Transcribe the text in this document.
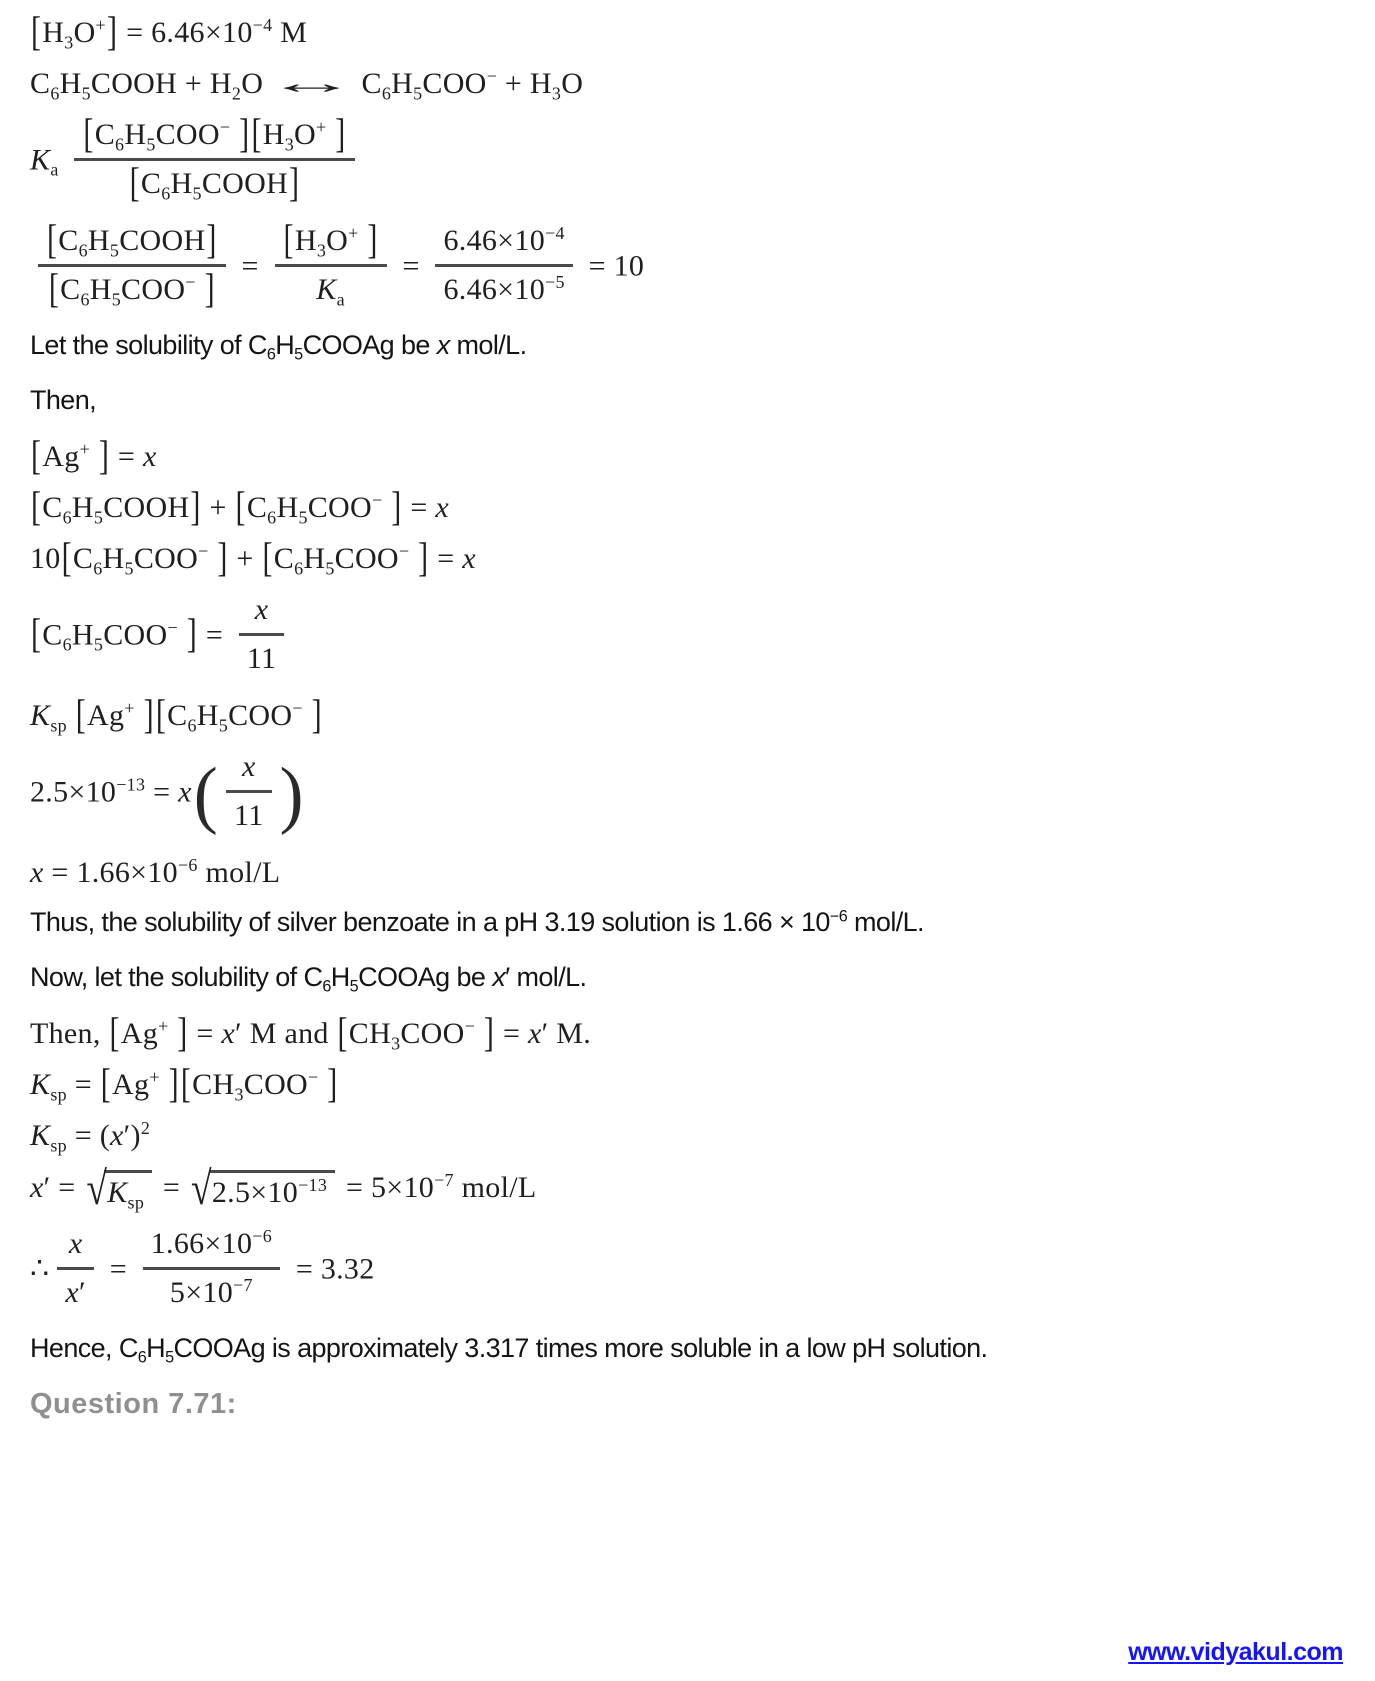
$[H_3O^+] = 6.46\times 10^{-4}$ M
$C_6H_5COOH$ + $H_2O\leftrightarrow C_6H_5COO^- + H_3O$
$K_a \frac{[C_6H_5COO^- ][H_3O^+ ]}{[C_6H_5COOH]}$
$\frac{[C_6H_5COOH]}{[C_6H_5COO^- ]} = \frac{[H_3O^+ ]}{K_a} = \frac{6.46\times 10^{-4}}{6.46\times 10^{-5}} = 10$
Let the solubility of $C_6H_5COOAg$ be x mol/L.
Then,
[Ag+ ] = x
$[C_6H_5COOH] + [C_6H_5COO^-$ ] = x
$10[C_6H_5COO^-$ ] + [$C_6H_5COO^-$ ] = x
[$C_6H_5COO^-$ ] = $\frac{x}{11}$
$K_{sp}$ [Ag+ ][$C_6H_5COO^-$ ]
$2.5\times 10^{-13} = x$ ( $\frac{x}{11}$ )
$x = 1.66\times 10^{-6}$ mol/L
Thus, the solubility of silver benzoate in a pH 3.19 solution is $1.66 \times 10^{-6}$ mol/L.
Now, let the solubility of $C_6H_5COOAg$ be x′ mol/L.
Then, [Ag+ ] = x′ M and [$CH_3COO^-$ ] = x′ M.
$K_{sp} = [Ag^+$ ][$CH_3COO^-$ ]
$K_{sp} = (x')^2$
x′ = √ $K_{sp}$ = √ $2.5\times 10^{-13} = 5\times 10^{-7}$ mol/L
∴ $\frac{x}{x'} = \frac{1.66\times 10^{-6}}{5\times 10^{-7}} = 3.32$
Hence, $C_6H_5COOAg$ is approximately 3.317 times more soluble in a low pH solution.
Question 7.71:
www.vidyakul.com
